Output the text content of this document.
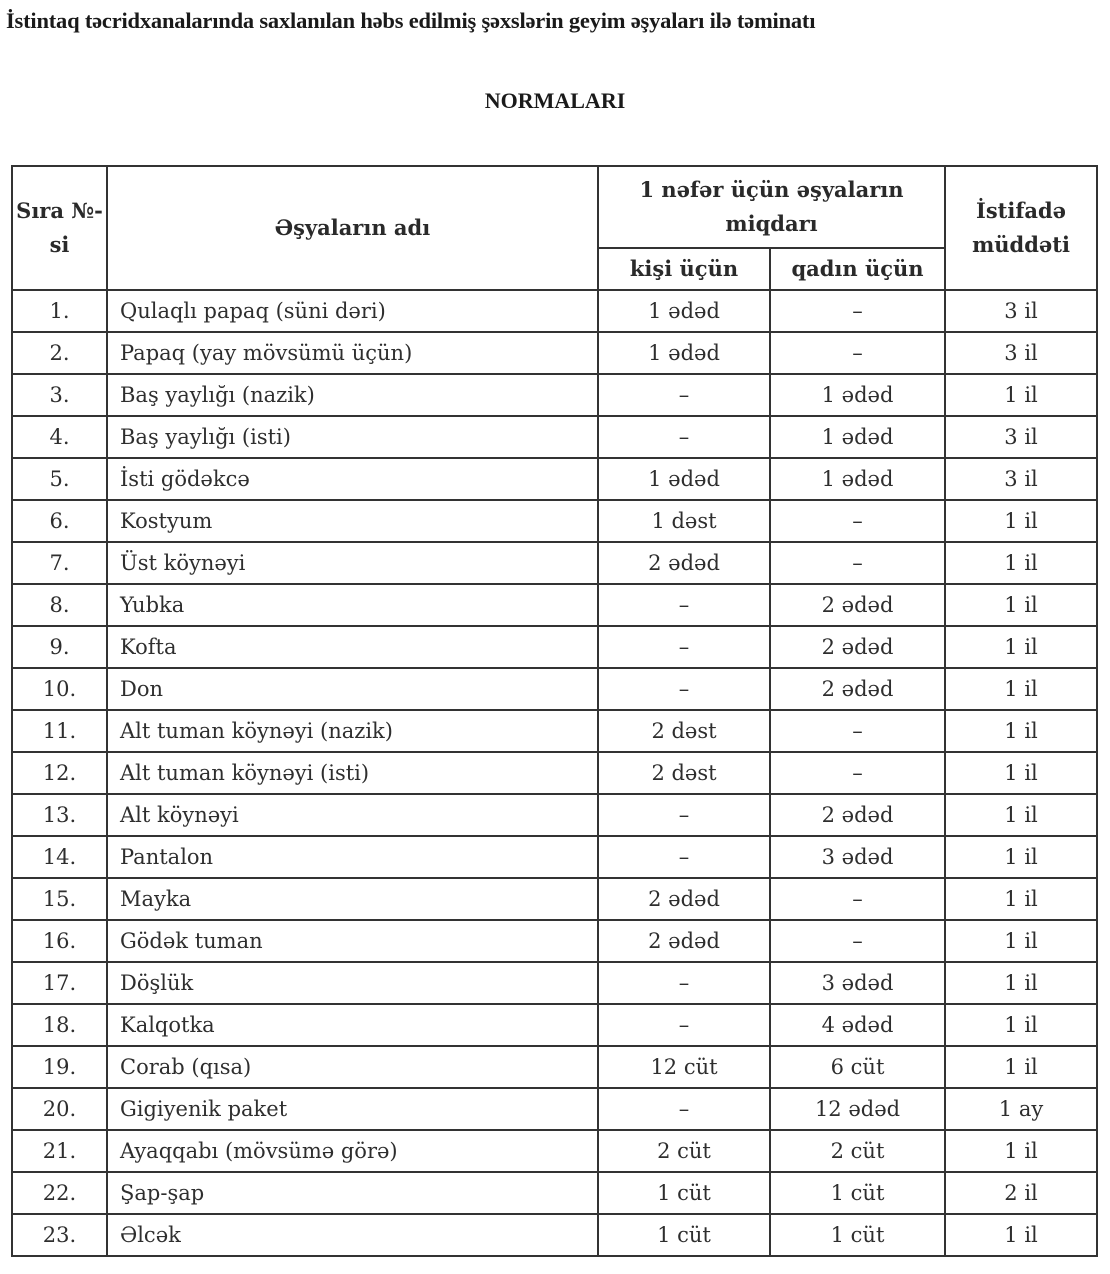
İstintaq təcridxanalarında saxlanılan həbs edilmiş şəxslərin geyim əşyaları ilə təminatı
NORMALARI
Sıra №-si	Əşyaların adı	1 nəfər üçün əşyaların miqdarı		İstifadə müddəti
		kişi üçün	qadın üçün	
1.	Qulaqlı papaq (süni dəri)	1 ədəd	–	3 il
2.	Papaq (yay mövsümü üçün)	1 ədəd	–	3 il
3.	Baş yaylığı (nazik)	–	1 ədəd	1 il
4.	Baş yaylığı (isti)	–	1 ədəd	3 il
5.	İsti gödəkcə	1 ədəd	1 ədəd	3 il
6.	Kostyum	1 dəst	–	1 il
7.	Üst köynəyi	2 ədəd	–	1 il
8.	Yubka	–	2 ədəd	1 il
9.	Kofta	–	2 ədəd	1 il
10.	Don	–	2 ədəd	1 il
11.	Alt tuman köynəyi (nazik)	2 dəst	–	1 il
12.	Alt tuman köynəyi (isti)	2 dəst	–	1 il
13.	Alt köynəyi	–	2 ədəd	1 il
14.	Pantalon	–	3 ədəd	1 il
15.	Mayka	2 ədəd	–	1 il
16.	Gödək tuman	2 ədəd	–	1 il
17.	Döşlük	–	3 ədəd	1 il
18.	Kalqotka	–	4 ədəd	1 il
19.	Corab (qısa)	12 cüt	6 cüt	1 il
20.	Gigiyenik paket	–	12 ədəd	1 ay
21.	Ayaqqabı (mövsümə görə)	2 cüt	2 cüt	1 il
22.	Şap-şap	1 cüt	1 cüt	2 il
23.	Əlcək	1 cüt	1 cüt	1 il
